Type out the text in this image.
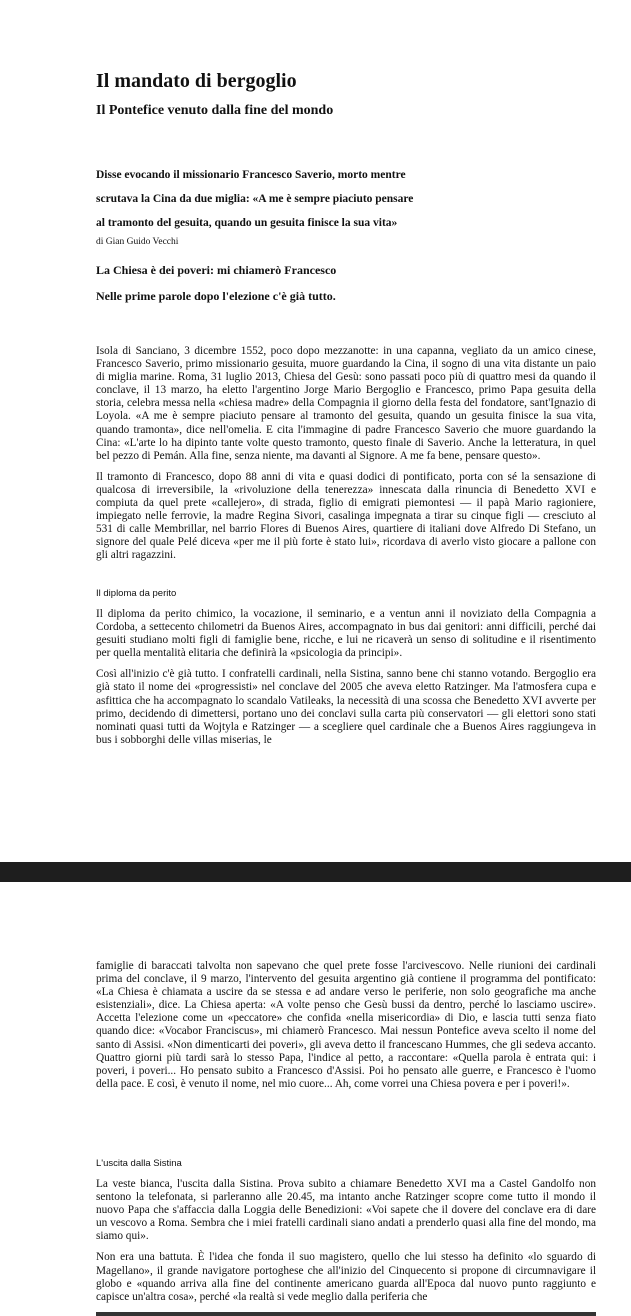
Il mandato di bergoglio
Il Pontefice venuto dalla fine del mondo
Disse evocando il missionario Francesco Saverio, morto mentre
scrutava la Cina da due miglia: «A me è sempre piaciuto pensare
al tramonto del gesuita, quando un gesuita finisce la sua vita»

di Gian Guido Vecchi

La Chiesa è dei poveri: mi chiamerò Francesco

Nelle prime parole dopo l'elezione c'è già tutto.

Isola di Sanciano, 3 dicembre 1552, poco dopo mezzanotte: in una capanna, vegliato da un amico cinese, Francesco Saverio, primo missionario gesuita, muore guardando la Cina, il sogno di una vita distante un paio di miglia marine. Roma, 31 luglio 2013, Chiesa del Gesù: sono passati poco più di quattro mesi da quando il conclave, il 13 marzo, ha eletto l'argentino Jorge Mario Bergoglio e Francesco, primo Papa gesuita della storia, celebra messa nella «chiesa madre» della Compagnia il giorno della festa del fondatore, sant'Ignazio di Loyola. «A me è sempre piaciuto pensare al tramonto del gesuita, quando un gesuita finisce la sua vita, quando tramonta», dice nell'omelia. E cita l'immagine di padre Francesco Saverio che muore guardando la Cina: «L'arte lo ha dipinto tante volte questo tramonto, questo finale di Saverio. Anche la letteratura, in quel bel pezzo di Pemán. Alla fine, senza niente, ma davanti al Signore. A me fa bene, pensare questo».

Il tramonto di Francesco, dopo 88 anni di vita e quasi dodici di pontificato, porta con sé la sensazione di qualcosa di irreversibile, la «rivoluzione della tenerezza» innescata dalla rinuncia di Benedetto XVI e compiuta da quel prete «callejero», di strada, figlio di emigrati piemontesi — il papà Mario ragioniere, impiegato nelle ferrovie, la madre Regina Sivori, casalinga impegnata a tirar su cinque figli — cresciuto al 531 di calle Membrillar, nel barrio Flores di Buenos Aires, quartiere di italiani dove Alfredo Di Stefano, un signore del quale Pelé diceva «per me il più forte è stato lui», ricordava di averlo visto giocare a pallone con gli altri ragazzini.

Il diploma da perito

Il diploma da perito chimico, la vocazione, il seminario, e a ventun anni il noviziato della Compagnia a Cordoba, a settecento chilometri da Buenos Aires, accompagnato in bus dai genitori: anni difficili, perché dai gesuiti studiano molti figli di famiglie bene, ricche, e lui ne ricaverà un senso di solitudine e il risentimento per quella mentalità elitaria che definirà la «psicologia da principi».

Così all'inizio c'è già tutto. I confratelli cardinali, nella Sistina, sanno bene chi stanno votando. Bergoglio era già stato il nome dei «progressisti» nel conclave del 2005 che aveva eletto Ratzinger. Ma l'atmosfera cupa e asfittica che ha accompagnato lo scandalo Vatileaks, la necessità di una scossa che Benedetto XVI avverte per primo, decidendo di dimettersi, portano uno dei conclavi sulla carta più conservatori — gli elettori sono stati nominati quasi tutti da Wojtyla e Ratzinger — a scegliere quel cardinale che a Buenos Aires raggiungeva in bus i sobborghi delle villas miserias, le

famiglie di baraccati talvolta non sapevano che quel prete fosse l'arcivescovo. Nelle riunioni dei cardinali prima del conclave, il 9 marzo, l'intervento del gesuita argentino già contiene il programma del pontificato: «La Chiesa è chiamata a uscire da se stessa e ad andare verso le periferie, non solo geografiche ma anche esistenziali», dice. La Chiesa aperta: «A volte penso che Gesù bussi da dentro, perché lo lasciamo uscire». Accetta l'elezione come un «peccatore» che confida «nella misericordia» di Dio, e lascia tutti senza fiato quando dice: «Vocabor Franciscus», mi chiamerò Francesco. Mai nessun Pontefice aveva scelto il nome del santo di Assisi. «Non dimenticarti dei poveri», gli aveva detto il francescano Hummes, che gli sedeva accanto. Quattro giorni più tardi sarà lo stesso Papa, l'indice al petto, a raccontare: «Quella parola è entrata qui: i poveri, i poveri... Ho pensato subito a Francesco d'Assisi. Poi ho pensato alle guerre, e Francesco è l'uomo della pace. E così, è venuto il nome, nel mio cuore... Ah, come vorrei una Chiesa povera e per i poveri!».

L'uscita dalla Sistina

La veste bianca, l'uscita dalla Sistina. Prova subito a chiamare Benedetto XVI ma a Castel Gandolfo non sentono la telefonata, si parleranno alle 20.45, ma intanto anche Ratzinger scopre come tutto il mondo il nuovo Papa che s'affaccia dalla Loggia delle Benedizioni: «Voi sapete che il dovere del conclave era di dare un vescovo a Roma. Sembra che i miei fratelli cardinali siano andati a prenderlo quasi alla fine del mondo, ma siamo qui».

Non era una battuta. È l'idea che fonda il suo magistero, quello che lui stesso ha definito «lo sguardo di Magellano», il grande navigatore portoghese che all'inizio del Cinquecento si propone di circumnavigare il globo e «quando arriva alla fine del continente americano guarda all'Epoca dal nuovo punto raggiunto e capisce un'altra cosa», perché «la realtà si vede meglio dalla periferia che
